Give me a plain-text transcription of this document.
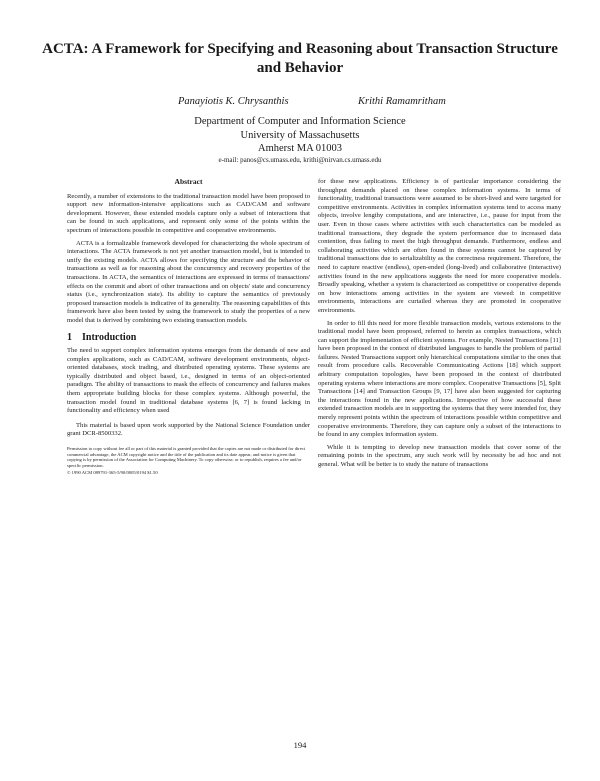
ACTA: A Framework for Specifying and Reasoning about Transaction Structure and Behavior
Panayiotis K. Chrysanthis	Krithi Ramamritham
Department of Computer and Information Science
University of Massachusetts
Amherst MA 01003
e-mail: panos@cs.umass.edu, krithi@nirvan.cs.umass.edu
Abstract

Recently, a number of extensions to the traditional transaction model have been proposed to support new information-intensive applications such as CAD/CAM and software development. However, these extended models capture only a subset of interactions that can be found in such applications, and represent only some of the points within the spectrum of interactions possible in competitive and cooperative environments.

ACTA is a formalizable framework developed for characterizing the whole spectrum of interactions. The ACTA framework is not yet another transaction model, but is intended to unify the existing models. ACTA allows for specifying the structure and the behavior of transactions as well as for reasoning about the concurrency and recovery properties of the transactions. In ACTA, the semantics of interactions are expressed in terms of transactions' effects on the commit and abort of other transactions and on objects' state and concurrency status (i.e., synchronization state). Its ability to capture the semantics of previously proposed transaction models is indicative of its generality. The reasoning capabilities of this framework have also been tested by using the framework to study the properties of a new model that is derived by combining two existing transaction models.

1 Introduction

The need to support complex information systems emerges from the demands of new and complex applications, such as CAD/CAM, software development environments, object-oriented databases, stock trading, and distributed operating systems. These systems are typically distributed and object based, i.e., designed in terms of an object-oriented paradigm. The ability of transactions to mask the effects of concurrency and failures makes them appropriate building blocks for these complex systems. Although powerful, the transaction model found in traditional database systems [6, 7] is found lacking in functionality and efficiency when used

This material is based upon work supported by the National Science Foundation under grant DCR-8500332.
Permission to copy without fee all or part of this material is granted provided that the copies are not made or distributed for direct commercial advantage, the ACM copyright notice and the title of the publication and its date appear, and notice is given that copying is by permission of the Association for Computing Machinery. To copy otherwise, or to republish, requires a fee and/or specific permission.
© 1990 ACM 089791-365-5/90/0005/0194 $1.50

for these new applications. Efficiency is of particular importance considering the throughput demands placed on these complex information systems. In terms of functionality, traditional transactions were assumed to be short-lived and were targeted for competitive environments. Activities in complex information systems tend to access many objects, involve lengthy computations, and are interactive, i.e., pause for input from the user. Even in those cases where activities with such characteristics can be modeled as traditional transactions, they degrade the system performance due to increased data contention, thus failing to meet the high throughput demands. Furthermore, endless and collaborating activities which are often found in these systems cannot be captured by traditional transactions due to serializability as the correctness requirement. Therefore, the need to capture reactive (endless), open-ended (long-lived) and collaborative (interactive) activities found in the new applications suggests the need for more cooperative models. Broadly speaking, whether a system is characterized as competitive or cooperative depends on how interactions among activities in the system are viewed: in competitive environments, interactions are curtailed whereas they are promoted in cooperative environments.

In order to fill this need for more flexible transaction models, various extensions to the traditional model have been proposed, referred to herein as complex transactions, which can support the implementation of efficient systems. For example, Nested Transactions [11] have been proposed in the context of distributed languages to handle the problem of partial failures. Nested Transactions support only hierarchical computations similar to the ones that result from procedure calls. Recoverable Communicating Actions [18] which support arbitrary computation topologies, have been proposed in the context of distributed operating systems where interactions are more complex. Cooperative Transactions [5], Split Transactions [14] and Transaction Groups [9, 17] have also been suggested for capturing the interactions found in the new applications. Irrespective of how successful these extended transaction models are in supporting the systems that they were intended for, they merely represent points within the spectrum of interactions possible within competitive and cooperative environments. Therefore, they can capture only a subset of the interactions to be found in any complex information system.

While it is tempting to develop new transaction models that cover some of the remaining points in the spectrum, any such work will by necessity be ad hoc and not general. What will be better is to study the nature of transactions

194
